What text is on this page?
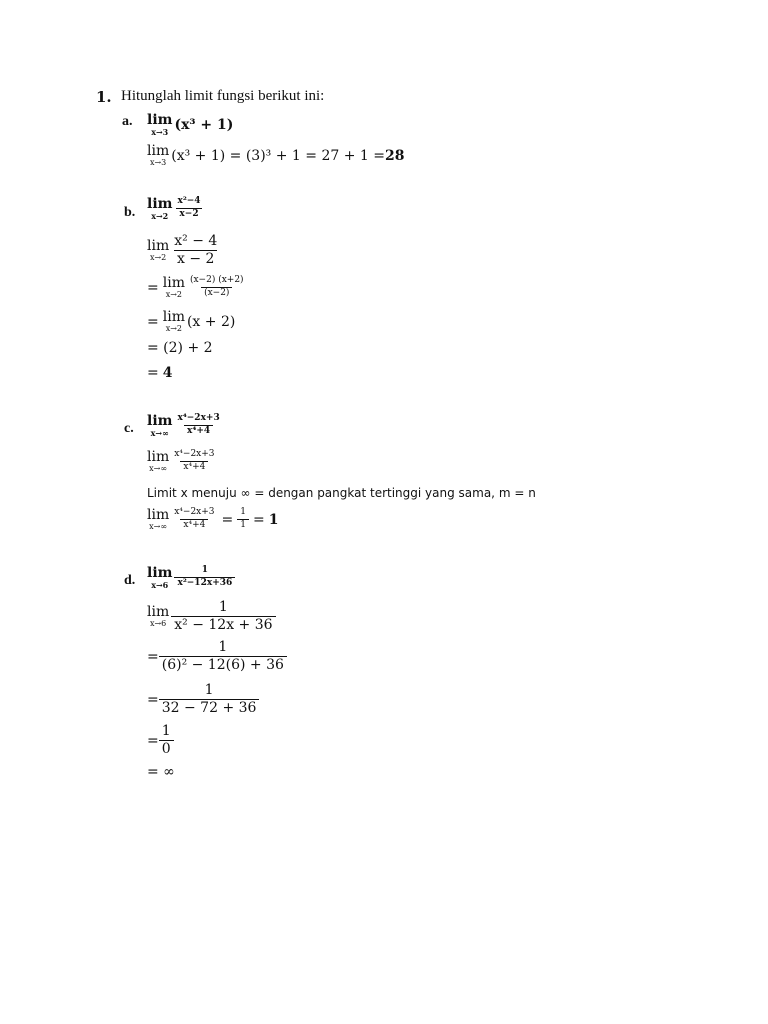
1. Hitunglah limit fungsi berikut ini:
a. lim
x→3 (x³ + 1)
lim
x→3 (x³ + 1) = (3)³ + 1 = 27 + 1 = 28
b.
lim
$x\to 2 \frac{\text{x²−4}}{x-2}$
lim
$x\to 2 \frac{\text{x² − 4}}{x - 2}$
= lim
$x\to 2 \frac{(x-2) (x+2)}{(x-2)}$
= lim
x→2 (x + 2)
= (2) + 2
= 4
c. lim
$x\to\infty \frac{\text{x⁴−2x+3}}{\text{x⁴+4}}$
lim
$x\to\infty \frac{\text{x⁴−2x+3}}{\text{x⁴+4}}$
Limit x menuju ∞ = dengan pangkat tertinggi yang sama, m = n
lim
$x\to\infty \frac{\text{x⁴−2x+3}}{\text{x⁴+4}} = \frac{1}{1} = 1$
d. lim
$x\to 6 \frac{1}{\text{x²−12x+36}}$
lim
$x\to 6 \frac{1}{\text{x² − 12x + 36}}$
= $\frac{1}{\text{(6)² − 12(6) + 36}}$
= $\frac{1}{32 - 72 + 36}$
= $\frac{1}{0}$
= ∞
